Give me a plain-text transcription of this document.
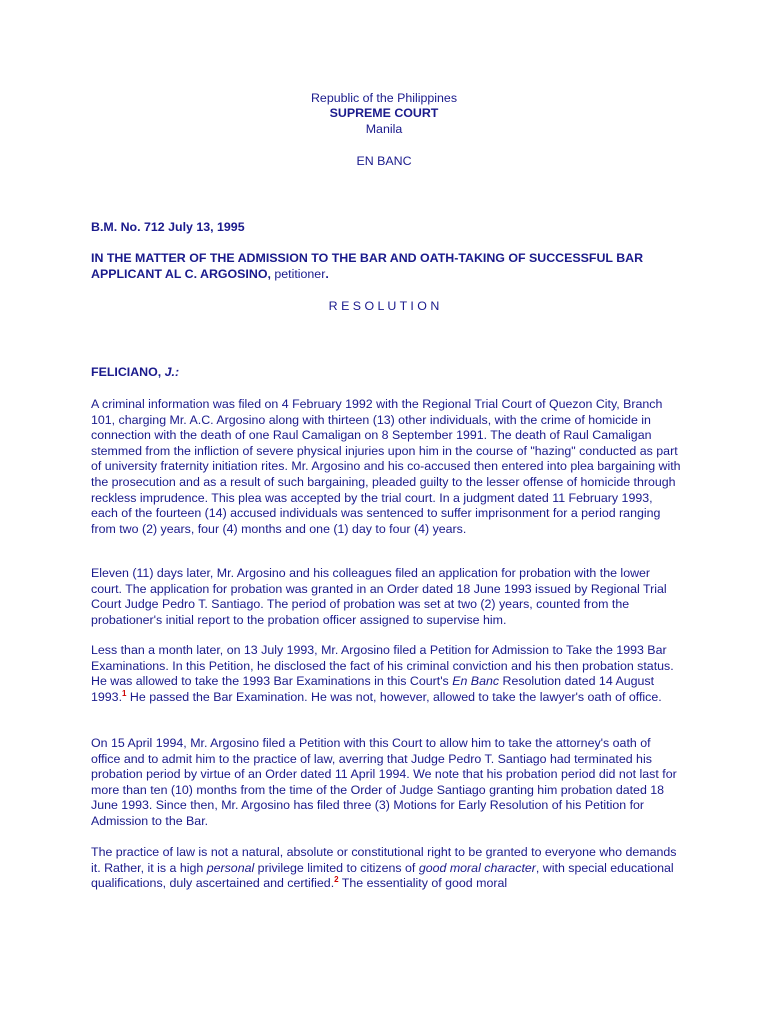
Republic of the Philippines
SUPREME COURT
Manila
EN BANC
B.M. No. 712 July 13, 1995
IN THE MATTER OF THE ADMISSION TO THE BAR AND OATH-TAKING OF SUCCESSFUL BAR APPLICANT AL C. ARGOSINO, petitioner.
R E S O L U T I O N
FELICIANO, J.:

A criminal information was filed on 4 February 1992 with the Regional Trial Court of Quezon City, Branch 101, charging Mr. A.C. Argosino along with thirteen (13) other individuals, with the crime of homicide in connection with the death of one Raul Camaligan on 8 September 1991. The death of Raul Camaligan stemmed from the infliction of severe physical injuries upon him in the course of "hazing" conducted as part of university fraternity initiation rites. Mr. Argosino and his co-accused then entered into plea bargaining with the prosecution and as a result of such bargaining, pleaded guilty to the lesser offense of homicide through reckless imprudence. This plea was accepted by the trial court. In a judgment dated 11 February 1993, each of the fourteen (14) accused individuals was sentenced to suffer imprisonment for a period ranging from two (2) years, four (4) months and one (1) day to four (4) years.

Eleven (11) days later, Mr. Argosino and his colleagues filed an application for probation with the lower court. The application for probation was granted in an Order dated 18 June 1993 issued by Regional Trial Court Judge Pedro T. Santiago. The period of probation was set at two (2) years, counted from the probationer's initial report to the probation officer assigned to supervise him.

Less than a month later, on 13 July 1993, Mr. Argosino filed a Petition for Admission to Take the 1993 Bar Examinations. In this Petition, he disclosed the fact of his criminal conviction and his then probation status. He was allowed to take the 1993 Bar Examinations in this Court's En Banc Resolution dated 14 August 1993.$^1$ He passed the Bar Examination. He was not, however, allowed to take the lawyer's oath of office.

On 15 April 1994, Mr. Argosino filed a Petition with this Court to allow him to take the attorney's oath of office and to admit him to the practice of law, averring that Judge Pedro T. Santiago had terminated his probation period by virtue of an Order dated 11 April 1994. We note that his probation period did not last for more than ten (10) months from the time of the Order of Judge Santiago granting him probation dated 18 June 1993. Since then, Mr. Argosino has filed three (3) Motions for Early Resolution of his Petition for Admission to the Bar.

The practice of law is not a natural, absolute or constitutional right to be granted to everyone who demands it. Rather, it is a high personal privilege limited to citizens of good moral character, with special educational qualifications, duly ascertained and certified.$^2$ The essentiality of good moral
